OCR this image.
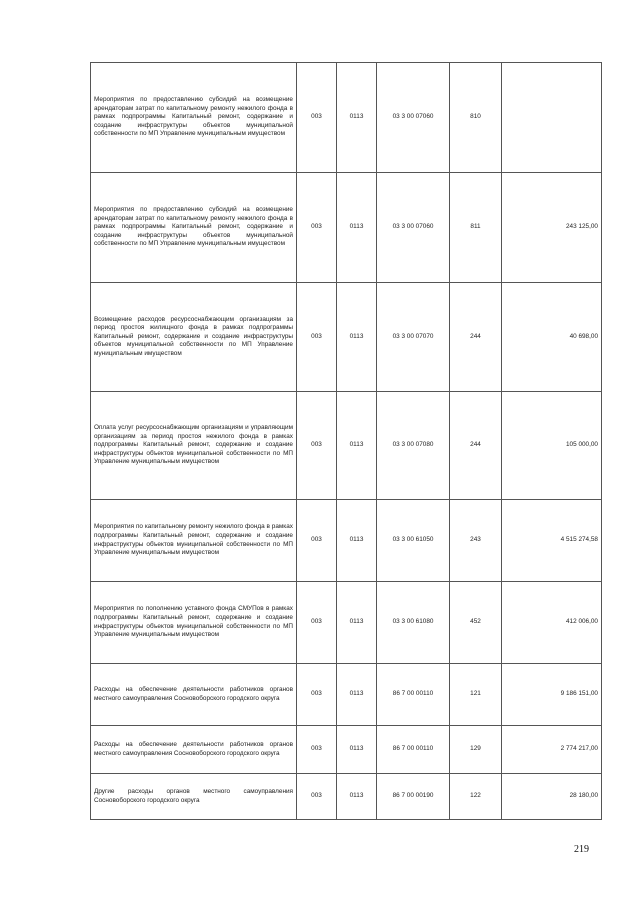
Мероприятия по предоставлению субсидий на возмещение арендаторам затрат по капитальному ремонту нежилого фонда в рамках подпрограммы Капитальный ремонт, содержание и создание инфраструктуры объектов муниципальной собственности по МП Управление муниципальным имуществом	003	0113	03 3 00 07060	810	
Мероприятия по предоставлению субсидий на возмещение арендаторам затрат по капитальному ремонту нежилого фонда в рамках подпрограммы Капитальный ремонт, содержание и создание инфраструктуры объектов муниципальной собственности по МП Управление муниципальным имуществом	003	0113	03 3 00 07060	811	243 125,00
Возмещение расходов ресурсоснабжающим организациям за период простоя жилищного фонда в рамках подпрограммы Капитальный ремонт, содержание и создание инфраструктуры объектов муниципальной собственности по МП Управление муниципальным имуществом	003	0113	03 3 00 07070	244	40 698,00
Оплата услуг ресурсоснабжающим организациям и управляющим организациям за период простоя нежилого фонда в рамках подпрограммы Капитальный ремонт, содержание и создание инфраструктуры объектов муниципальной собственности по МП Управление муниципальным имуществом	003	0113	03 3 00 07080	244	105 000,00
Мероприятия по капитальному ремонту нежилого фонда в рамках подпрограммы Капитальный ремонт, содержание и создание инфраструктуры объектов муниципальной собственности по МП Управление муниципальным имуществом	003	0113	03 3 00 61050	243	4 515 274,58
Мероприятия по пополнению уставного фонда СМУПов в рамках подпрограммы Капитальный ремонт, содержание и создание инфраструктуры объектов муниципальной собственности по МП Управление муниципальным имуществом	003	0113	03 3 00 61080	452	412 006,00
Расходы на обеспечение деятельности работников органов местного самоуправления Сосновоборского городского округа	003	0113	86 7 00 00110	121	9 186 151,00
Расходы на обеспечение деятельности работников органов местного самоуправления Сосновоборского городского округа	003	0113	86 7 00 00110	129	2 774 217,00
Другие расходы органов местного самоуправления Сосновоборского городского округа	003	0113	86 7 00 00190	122	28 180,00
219
